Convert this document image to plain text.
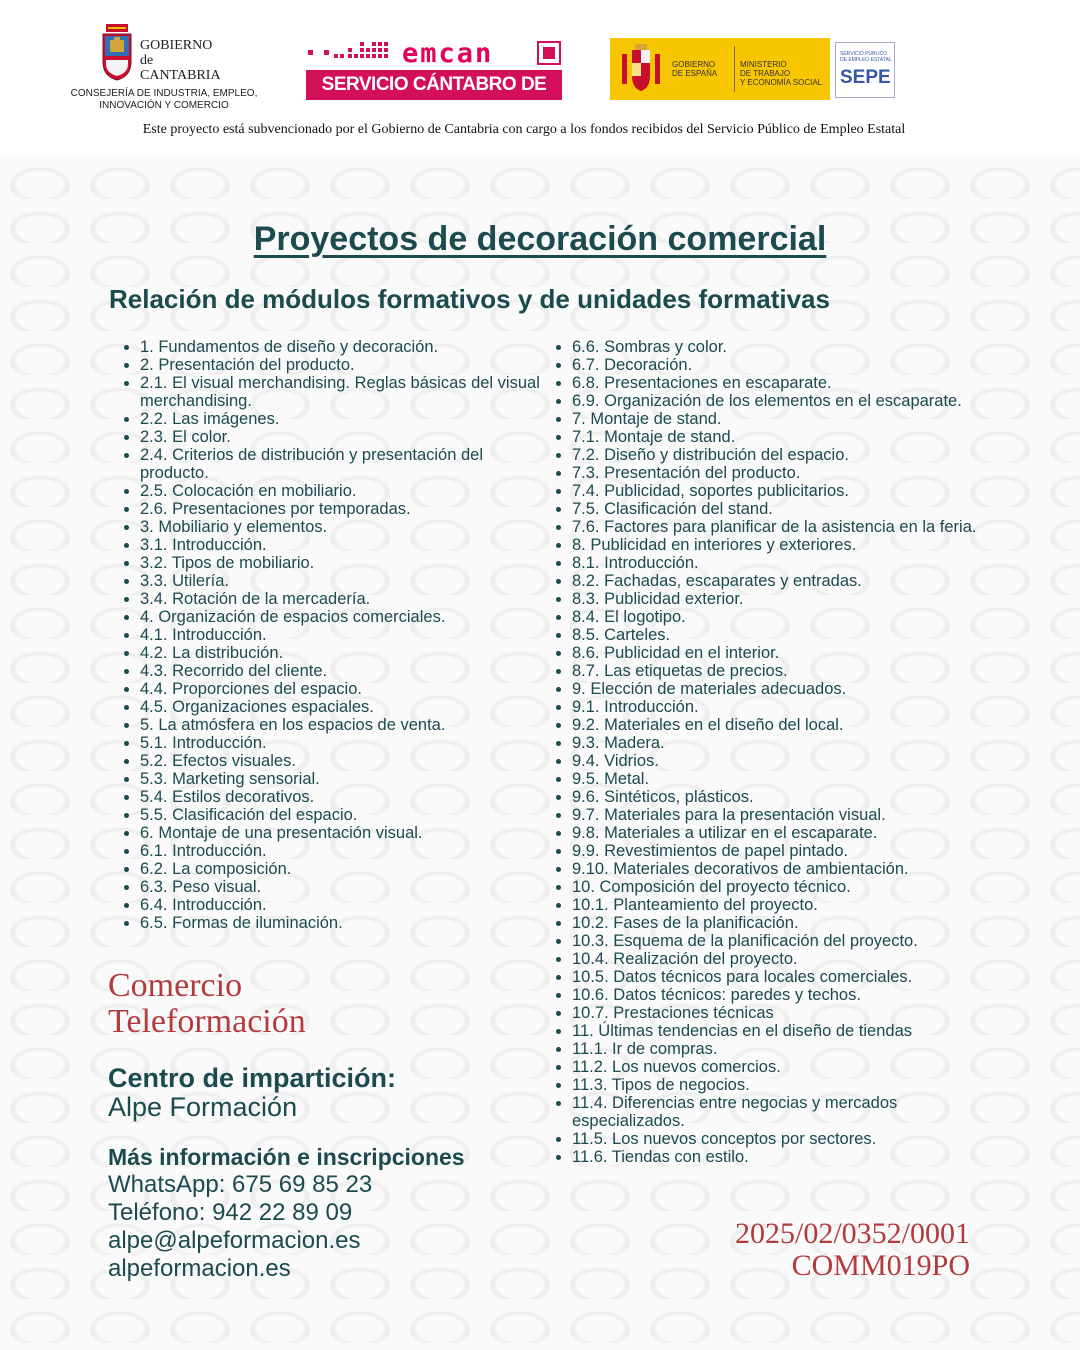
GOBIERNO
de
CANTABRIA
CONSEJERÍA DE INDUSTRIA, EMPLEO,
INNOVACIÓN Y COMERCIO
emcan
SERVICIO CÁNTABRO DE EMPLEO
GOBIERNO
DE ESPAÑA
MINISTERIO
DE TRABAJO
Y ECONOMÍA SOCIAL
SERVICIO PÚBLICO
DE EMPLEO ESTATAL
SEPE
Este proyecto está subvencionado por el Gobierno de Cantabria con cargo a los fondos recibidos del Servicio Público de Empleo Estatal
Proyectos de decoración comercial
Relación de módulos formativos y de unidades formativas
• 1. Fundamentos de diseño y decoración.
• 2. Presentación del producto.
• 2.1. El visual merchandising. Reglas básicas del visual merchandising.
• 2.2. Las imágenes.
• 2.3. El color.
• 2.4. Criterios de distribución y presentación del producto.
• 2.5. Colocación en mobiliario.
• 2.6. Presentaciones por temporadas.
• 3. Mobiliario y elementos.
• 3.1. Introducción.
• 3.2. Tipos de mobiliario.
• 3.3. Utilería.
• 3.4. Rotación de la mercadería.
• 4. Organización de espacios comerciales.
• 4.1. Introducción.
• 4.2. La distribución.
• 4.3. Recorrido del cliente.
• 4.4. Proporciones del espacio.
• 4.5. Organizaciones espaciales.
• 5. La atmósfera en los espacios de venta.
• 5.1. Introducción.
• 5.2. Efectos visuales.
• 5.3. Marketing sensorial.
• 5.4. Estilos decorativos.
• 5.5. Clasificación del espacio.
• 6. Montaje de una presentación visual.
• 6.1. Introducción.
• 6.2. La composición.
• 6.3. Peso visual.
• 6.4. Introducción.
• 6.5. Formas de iluminación.
• 6.6. Sombras y color.
• 6.7. Decoración.
• 6.8. Presentaciones en escaparate.
• 6.9. Organización de los elementos en el escaparate.
• 7. Montaje de stand.
• 7.1. Montaje de stand.
• 7.2. Diseño y distribución del espacio.
• 7.3. Presentación del producto.
• 7.4. Publicidad, soportes publicitarios.
• 7.5. Clasificación del stand.
• 7.6. Factores para planificar de la asistencia en la feria.
• 8. Publicidad en interiores y exteriores.
• 8.1. Introducción.
• 8.2. Fachadas, escaparates y entradas.
• 8.3. Publicidad exterior.
• 8.4. El logotipo.
• 8.5. Carteles.
• 8.6. Publicidad en el interior.
• 8.7. Las etiquetas de precios.
• 9. Elección de materiales adecuados.
• 9.1. Introducción.
• 9.2. Materiales en el diseño del local.
• 9.3. Madera.
• 9.4. Vidrios.
• 9.5. Metal.
• 9.6. Sintéticos, plásticos.
• 9.7. Materiales para la presentación visual.
• 9.8. Materiales a utilizar en el escaparate.
• 9.9. Revestimientos de papel pintado.
• 9.10. Materiales decorativos de ambientación.
• 10. Composición del proyecto técnico.
• 10.1. Planteamiento del proyecto.
• 10.2. Fases de la planificación.
• 10.3. Esquema de la planificación del proyecto.
• 10.4. Realización del proyecto.
• 10.5. Datos técnicos para locales comerciales.
• 10.6. Datos técnicos: paredes y techos.
• 10.7. Prestaciones técnicas
• 11. Últimas tendencias en el diseño de tiendas
• 11.1. Ir de compras.
• 11.2. Los nuevos comercios.
• 11.3. Tipos de negocios.
• 11.4. Diferencias entre negocias y mercados especializados.
• 11.5. Los nuevos conceptos por sectores.
• 11.6. Tiendas con estilo.
Comercio
Teleformación
Centro de impartición:
Alpe Formación
Más información e inscripciones
WhatsApp: 675 69 85 23
Teléfono: 942 22 89 09
alpe@alpeformacion.es
alpeformacion.es
2025/02/0352/0001
COMM019PO
